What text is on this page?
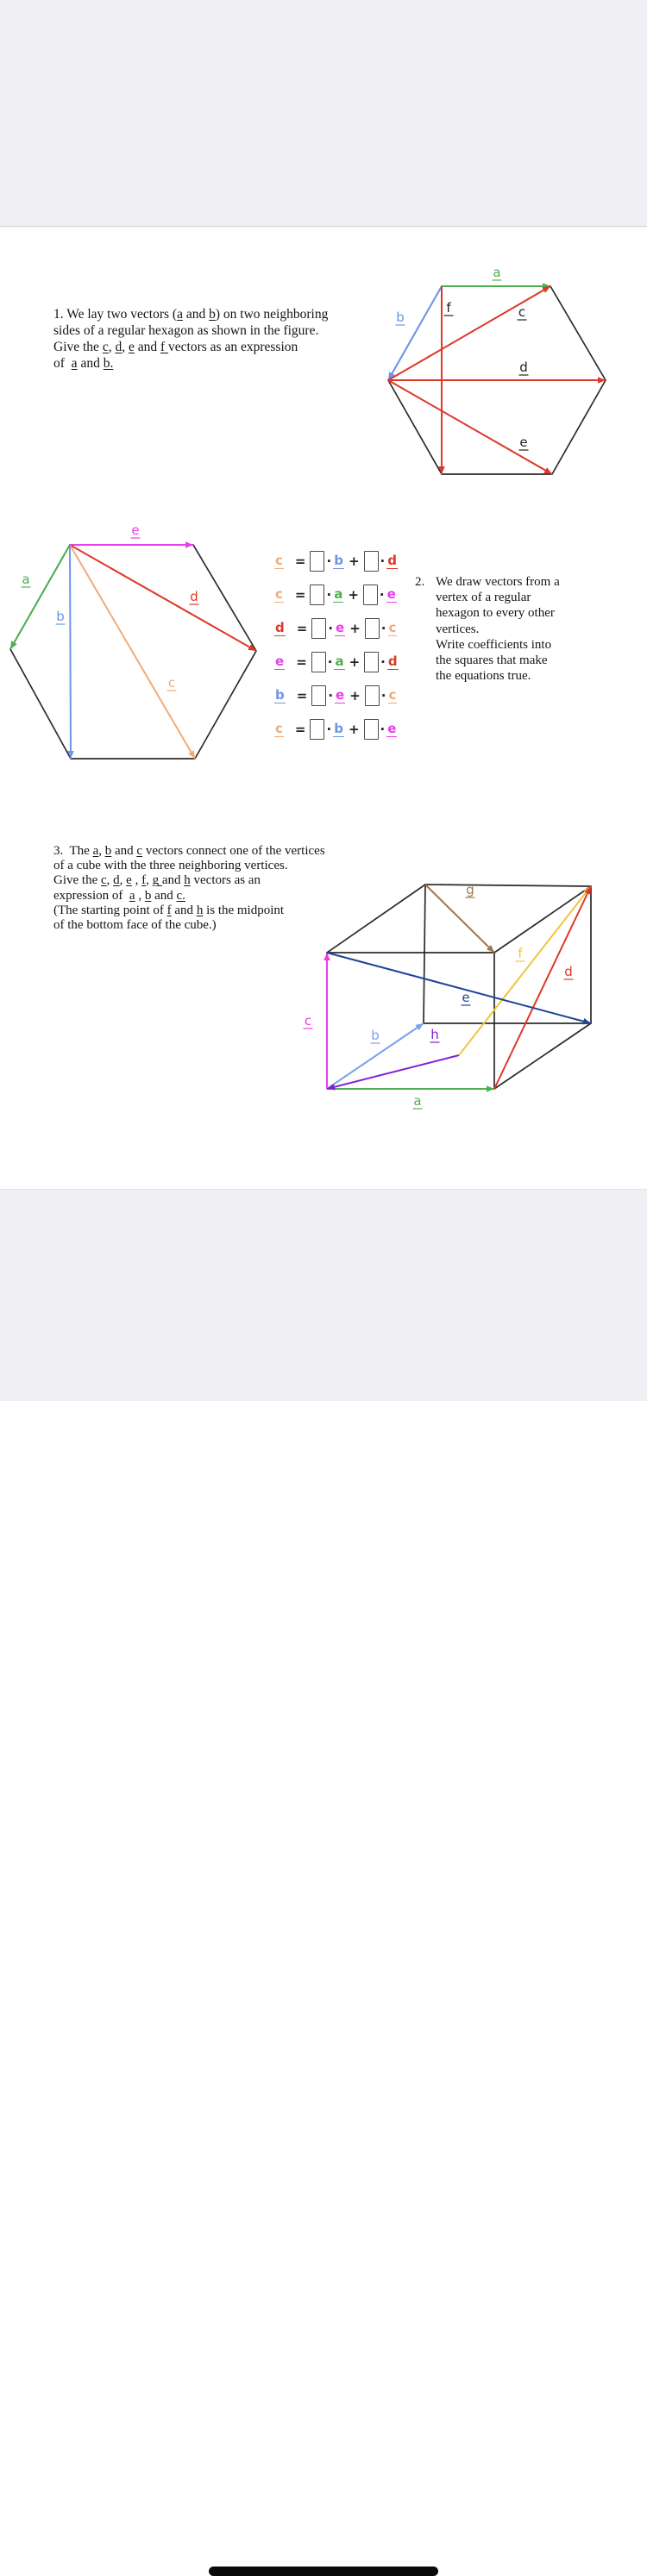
1. We lay two vectors (a and b) on two neighboring
sides of a regular hexagon as shown in the figure.
Give the c, d, e and f vectors as an expression
of  a and b.
a
b
f	c
d
e
e
a
b
d
c
c = · b + · d
c = · a + · e
d = · e + · c
e = · a + · d
b = · e + · c
c = · b + · e
2. We draw vectors from a
vertex of a regular
hexagon to every other
vertices.
Write coefficients into
the squares that make
the equations true.
3.  The a, b and c vectors connect one of the vertices
of a cube with the three neighboring vertices.
Give the c, d, e , f, g and h vectors as an
expression of  a , b and c.
(The starting point of f and h is the midpoint
of the bottom face of the cube.)
g
f
d
e
c
b	h
a
